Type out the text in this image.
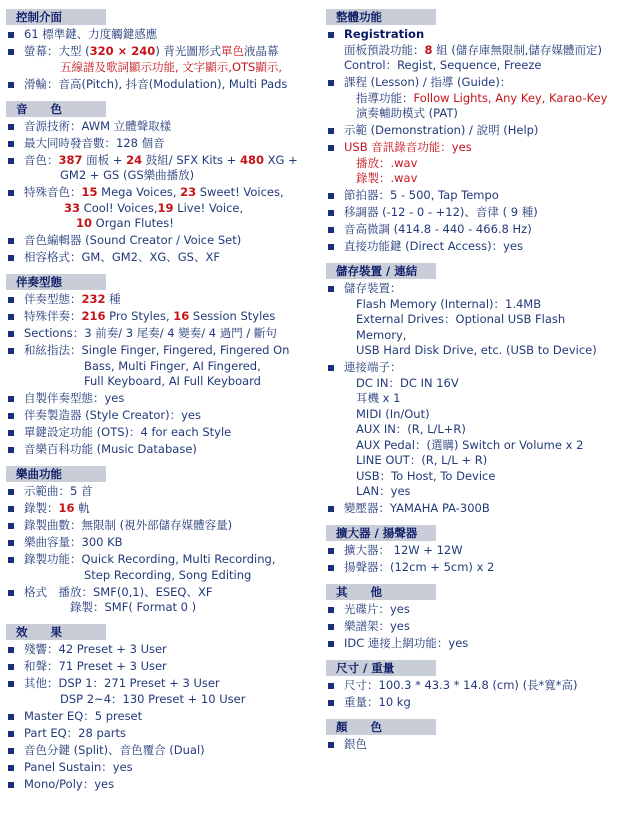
控制介面
61 標準鍵、力度觸鍵感應
螢幕：大型 (320 × 240) 背光圖形式單色液晶幕
五線譜及歌詞顯示功能, 文字顯示,OTS顯示,
滑輪：音高(Pitch), 抖音(Modulation), Multi Pads
音　　色
音源技術：AWM 立體聲取樣
最大同時發音數：128 個音
音色：387 面板 + 24 鼓組/ SFX Kits + 480 XG +
GM2 + GS (GS樂曲播放)
特殊音色：15 Mega Voices, 23 Sweet! Voices,
33 Cool! Voices,19 Live! Voice,
10 Organ Flutes!
音色編輯器 (Sound Creator / Voice Set)
相容格式：GM、GM2、XG、GS、XF
伴奏型態
伴奏型態：232 種
特殊伴奏：216 Pro Styles, 16 Session Styles
Sections：3 前奏/ 3 尾奏/ 4 變奏/ 4 過門 / 斷句
和絃指法：Single Finger, Fingered, Fingered On
Bass, Multi Finger, AI Fingered,
Full Keyboard, AI Full Keyboard
自製伴奏型態：yes
伴奏製造器 (Style Creator)：yes
單鍵設定功能 (OTS)：4 for each Style
音樂百科功能 (Music Database)
樂曲功能
示範曲：5 首
錄製：16 軌
錄製曲數：無限制 (視外部儲存媒體容量)
樂曲容量：300 KB
錄製功能：Quick Recording, Multi Recording,
Step Recording, Song Editing
格式　播放：SMF(0,1)、ESEQ、XF
錄製：SMF( Format 0 )
效　　果
殘響：42 Preset + 3 User
和聲：71 Preset + 3 User
其他：DSP 1：271 Preset + 3 User
DSP 2~4：130 Preset + 10 User
Master EQ：5 preset
Part EQ：28 parts
音色分鍵 (Split)、音色覆合 (Dual)
Panel Sustain：yes
Mono/Poly：yes
整體功能
Registration
面板預設功能：8 組 (儲存庫無限制,儲存媒體而定)
Control：Regist, Sequence, Freeze
課程 (Lesson) / 指導 (Guide)：
指導功能：Follow Lights, Any Key, Karao-Key
演奏輔助模式 (PAT)
示範 (Demonstration) / 說明 (Help)
USB 音訊錄音功能：yes
播放：.wav
錄製：.wav
節拍器：5 - 500, Tap Tempo
移調器 (-12 - 0 - +12)、音律 ( 9 種)
音高微調 (414.8 - 440 - 466.8 Hz)
直接功能鍵 (Direct Access)：yes
儲存裝置 / 連結
儲存裝置：
Flash Memory (Internal)：1.4MB
External Drives：Optional USB Flash Memory,
USB Hard Disk Drive, etc. (USB to Device)
連接端子：
DC IN：DC IN 16V
耳機 x 1
MIDI (In/Out)
AUX IN：(R, L/L+R)
AUX Pedal：(選購) Switch or Volume x 2
LINE OUT：(R, L/L + R)
USB：To Host, To Device
LAN：yes
變壓器：YAMAHA PA-300B
擴大器 / 揚聲器
擴大器： 12W + 12W
揚聲器：(12cm + 5cm) x 2
其　　他
光碟片：yes
樂譜架：yes
IDC 連接上網功能：yes
尺寸 / 重量
尺寸：100.3 * 43.3 * 14.8 (cm) (長*寬*高)
重量：10 kg
顏　　色
銀色
